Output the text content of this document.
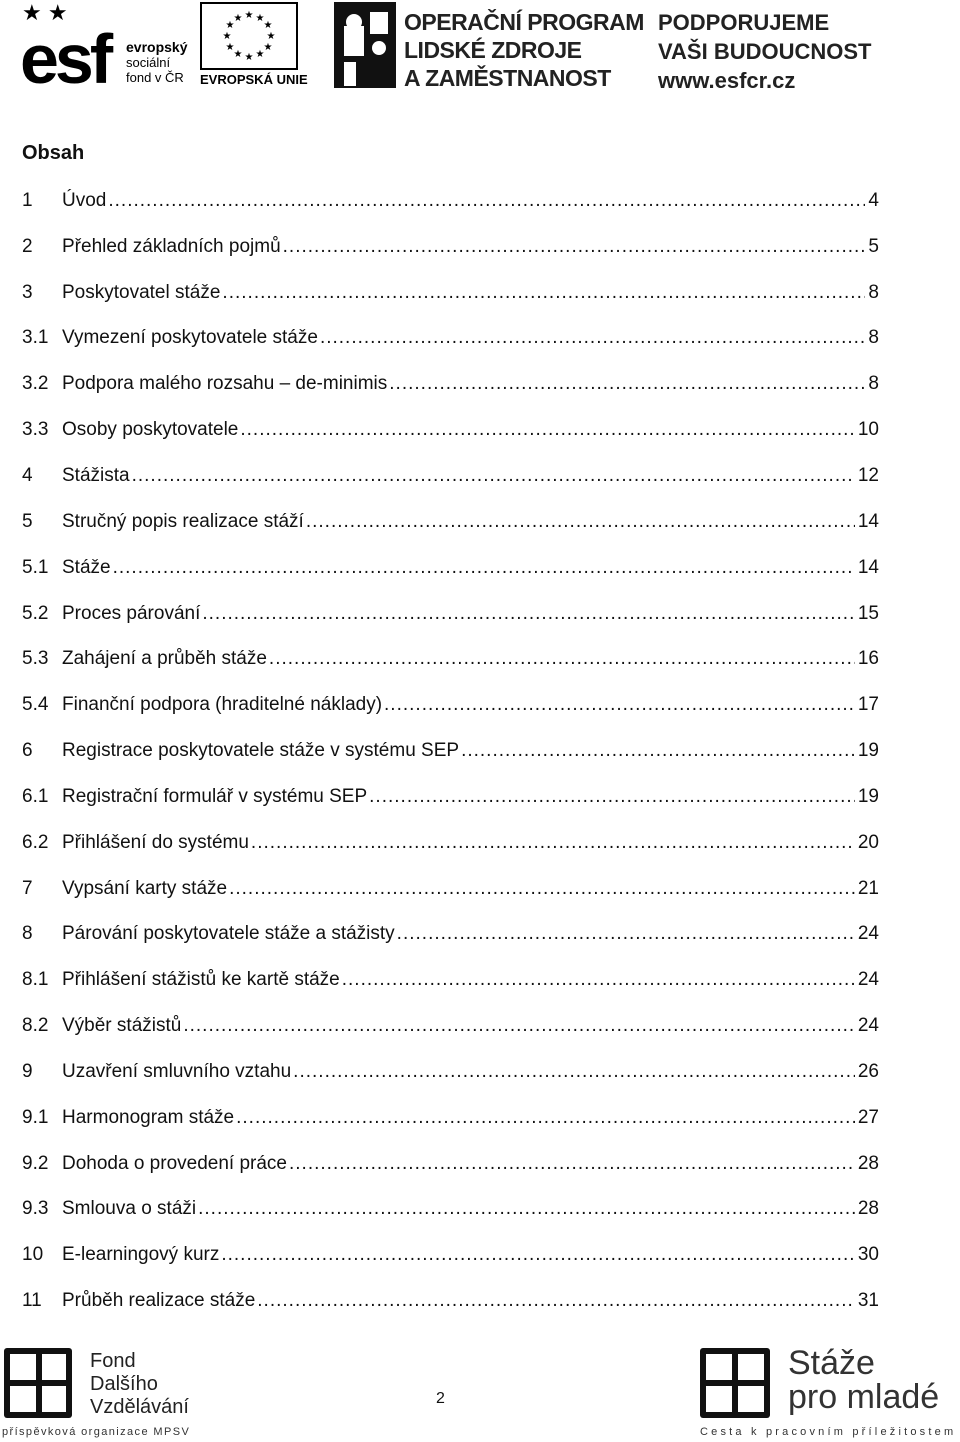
★ ★
esf evropský
sociální
fond v ČR
★ ★
★
★
★
★
★
★
★
★
★
★
EVROPSKÁ UNIE
OPERAČNÍ PROGRAM
LIDSKÉ ZDROJE
A ZAMĚSTNANOST
PODPORUJEME
VAŠI BUDOUCNOST
www.esfcr.cz
Obsah
1	Úvod .....	4
2	Přehled základních pojmů .....	5
3	Poskytovatel stáže .....	8
3.1 Vymezení poskytovatele stáže .....	8
3.2 Podpora malého rozsahu – de-minimis .....	8
3.3 Osoby poskytovatele .....	10
4	Stážista .....	12
5	Stručný popis realizace stáží .....	14
5.1 Stáže .....	14
5.2 Proces párování .....	15
5.3 Zahájení a průběh stáže .....	16
5.4 Finanční podpora (hraditelné náklady) .....	17
6	Registrace poskytovatele stáže v systému SEP .....	19
6.1 Registrační formulář v systému SEP .....	19
6.2 Přihlášení do systému .....	20
7	Vypsání karty stáže .....	21
8	Párování poskytovatele stáže a stážisty .....	24
8.1 Přihlášení stážistů ke kartě stáže .....	24
8.2 Výběr stážistů .....	24
9	Uzavření smluvního vztahu .....	26
9.1 Harmonogram stáže .....	27
9.2 Dohoda o provedení práce .....	28
9.3 Smlouva o stáži .....	28
10 E-learningový kurz .....	30
11	Průběh realizace stáže .....	31
Fond
Dalšího
Vzdělávání
příspěvková organizace MPSV
2
Stáže
pro mladé
Cesta k pracovním příležitostem
